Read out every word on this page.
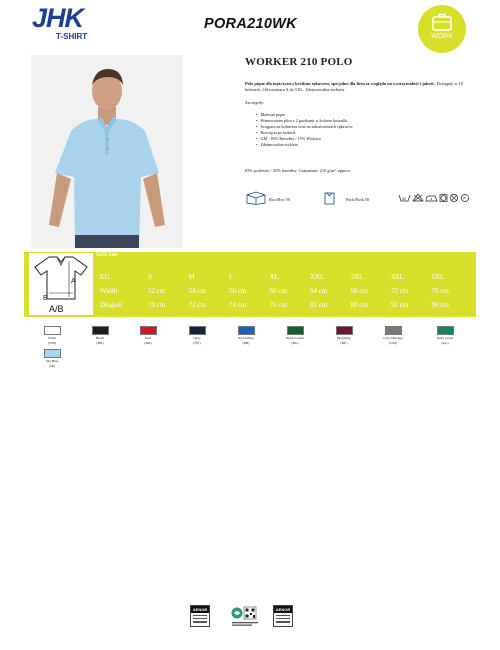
JHK
T-SHIRT
PORA210WK
WORK
WORKER 210 POLO

Polo pique dla mężczyzn z krótkim rękawem, specjalne dla firm ze względu na wytrzymałość i jakość. Dostępny w 10 kolorach. Od rozmiaru S do 5XL. Zdejmowalna etykieta.

Szczegóły:
• Materiał pique.
• Wzmocniona plisa z 2 guzikami w kolorze koszulki.
• Ściągacz na kołnierzu oraz na zakończeniach rękawów.
• Rozcięcia po bokach.
• GM - 85% Bawełny / 15% Wiskoza
• Zdejmowalna etykieta
65% poliester / 35% bawełny. Gramatura: 210 g/m², approx.
Box/Box 50	Pack/Pack 50	40	P
A
B
A/B
SIZE/Size
EU	S	M	L	XL	XXL	3XL	4XL	5XL
Width	52 cm	54 cm	56 cm	60 cm	64 cm	68 cm	72 cm	76 cm
Długość	70 cm	72 cm	74 cm	76 cm	82 cm	88 cm	92 cm	96 cm
White
(WH)
Black
(BK)
Red
(RD)
Navy
(NY)
Royal Blue
(RB)
Bottle Green
(BG)
Burgundy
(BU)
Grey Melange
(GM)
Kelly Green
(KG)
Sky Blue
(SK)
AENOR	AENOR
